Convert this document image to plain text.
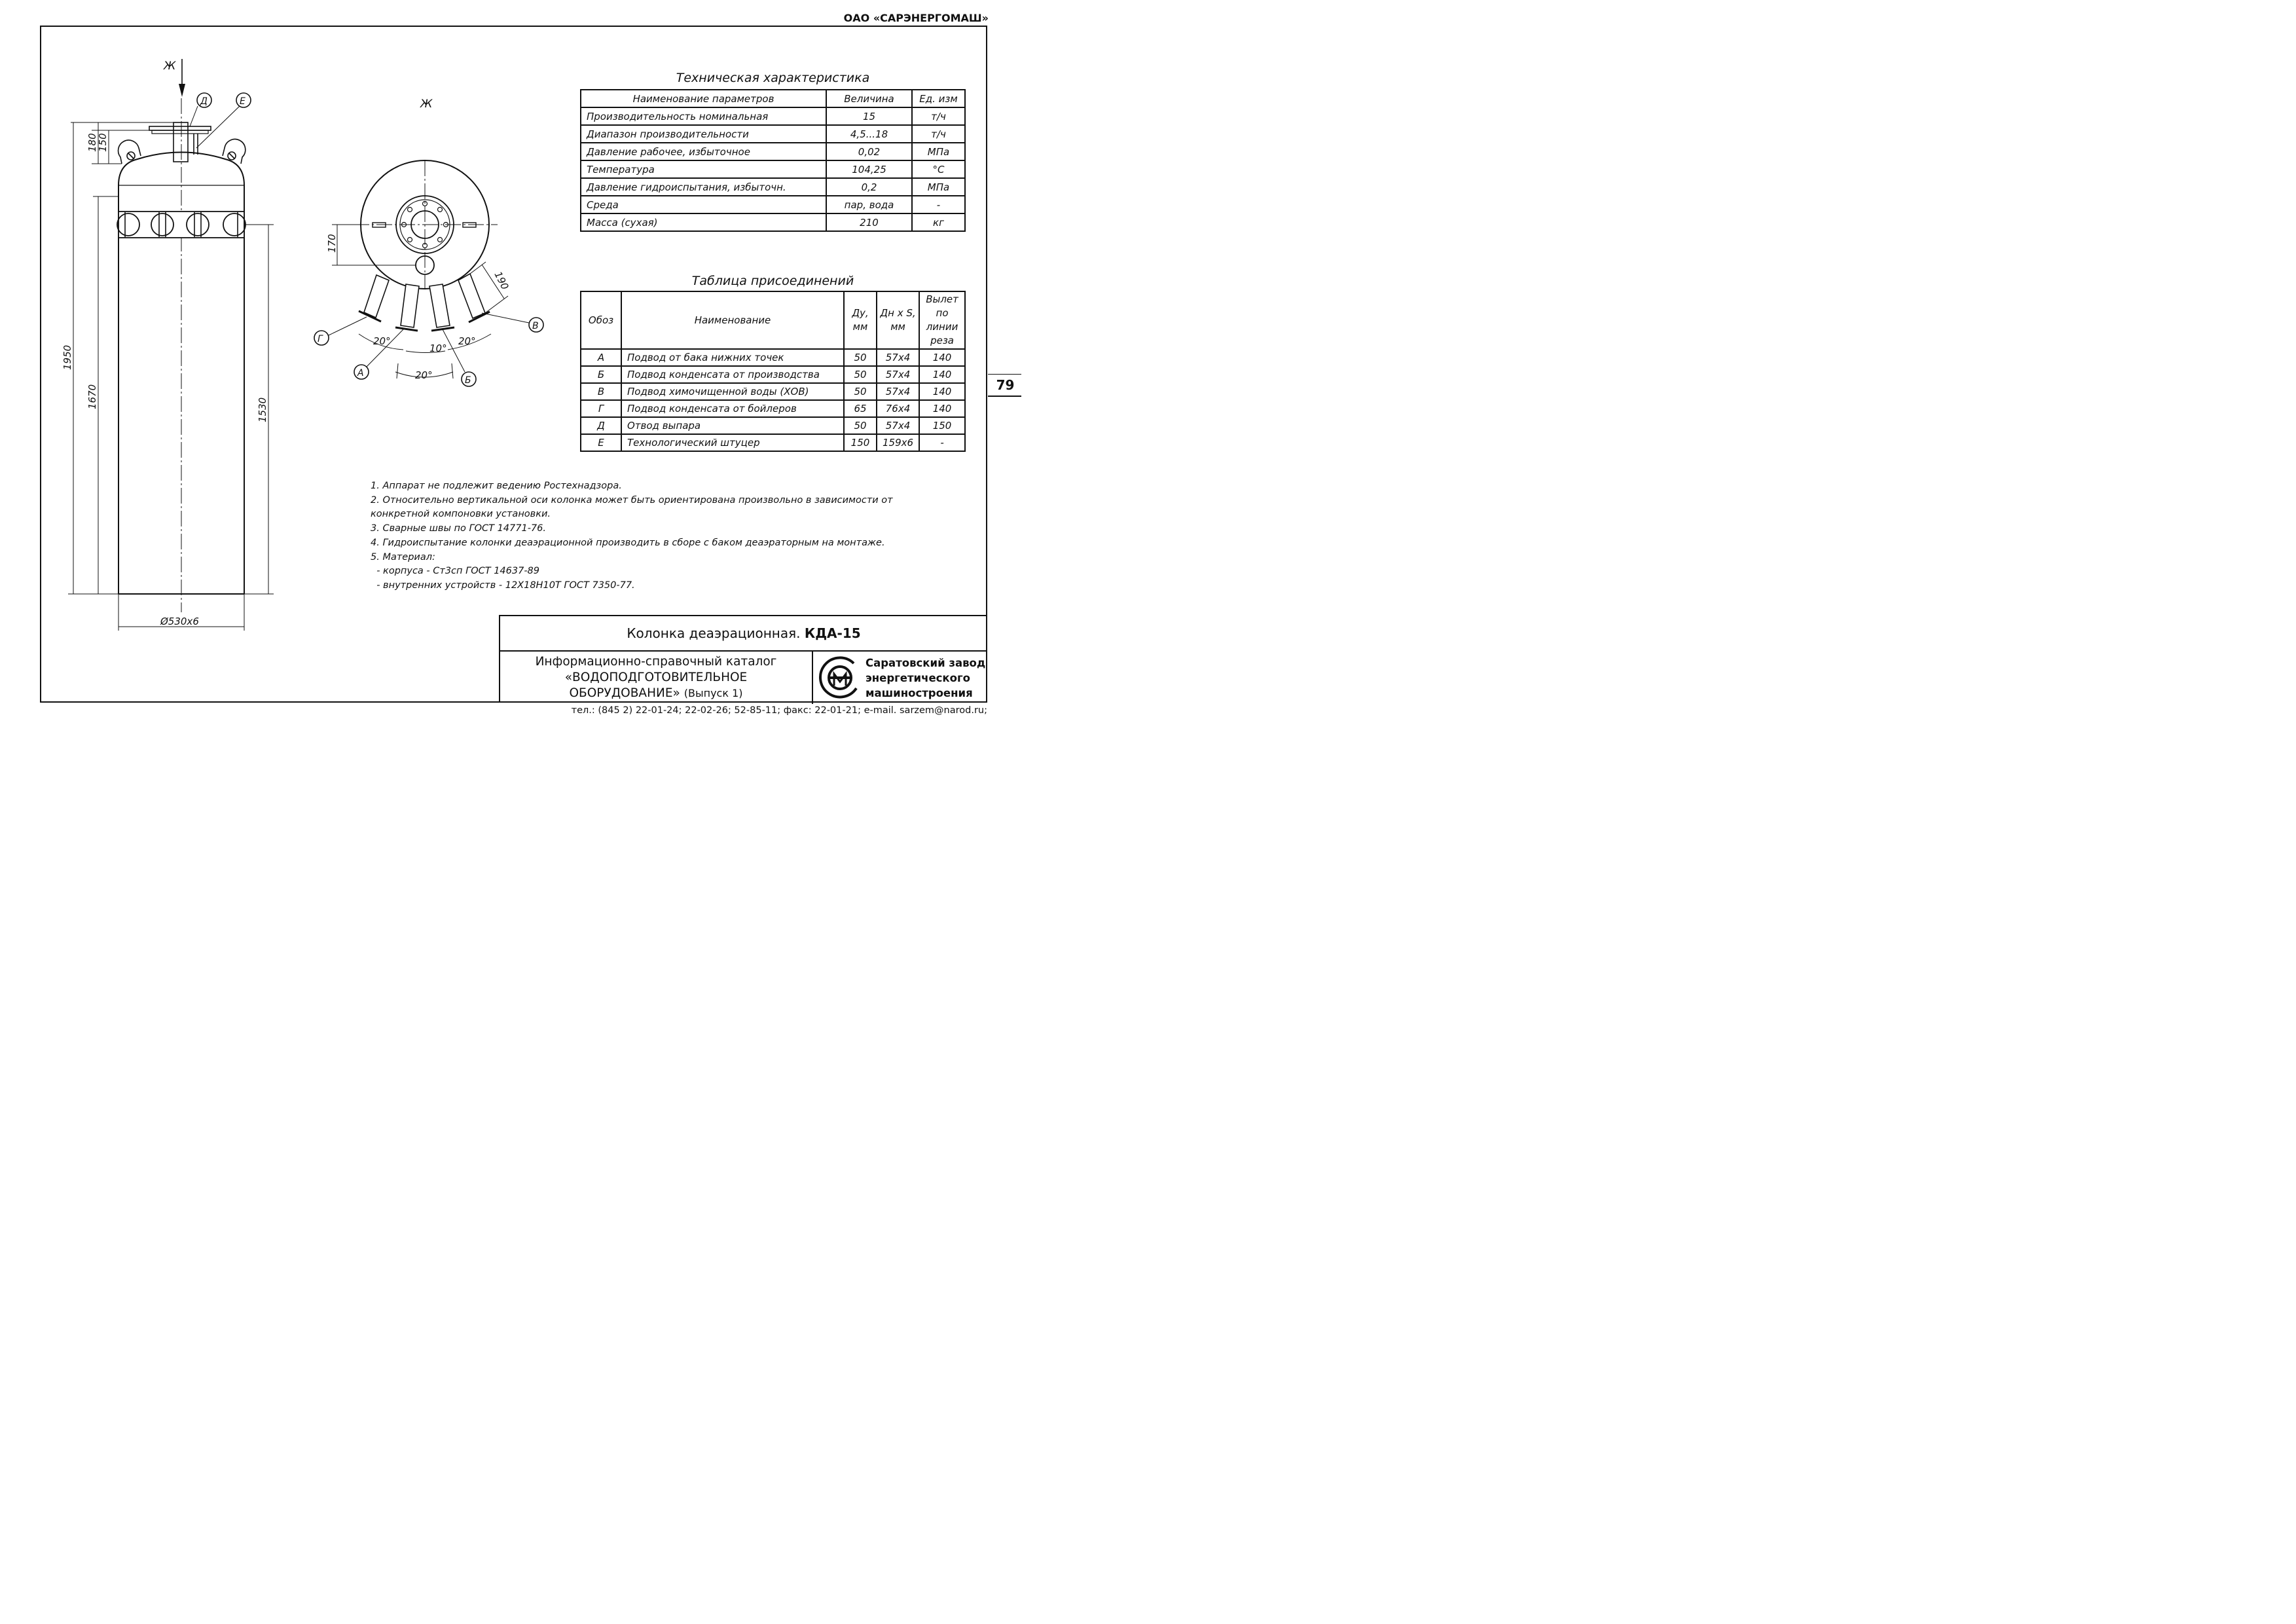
ОАО «САРЭНЕРГОМАШ»
79
Ж
180
150
1950
1670
1530
Ø530x6
Д	Е	Ж
170
190
20°
10°
20°
20°
Г
А
Б
В
Техническая характеристика
Наименование параметров	Величина	Ед. изм
Производительность номинальная	15	т/ч
Диапазон производительности	4,5...18	т/ч
Давление рабочее, избыточное	0,02	МПа
Температура	104,25	°С
Давление гидроиспытания, избыточн.	0,2	МПа
Среда	пар, вода	-
Масса (сухая)	210	кг
Таблица присоединений
Обоз	Наименование	Ду, мм	Дн x S, мм	Вылет по линии реза
А	Подвод от бака нижних точек	50	57x4	140
Б	Подвод конденсата от производства	50	57x4	140
В	Подвод химочищенной воды (ХОВ)	50	57x4	140
Г	Подвод конденсата от бойлеров	65	76x4	140
Д	Отвод выпара	50	57x4	150
Е	Технологический штуцер	150	159x6	-
1. Аппарат не подлежит ведению Ростехнадзора.
2. Относительно вертикальной оси колонка может быть ориентирована произвольно в зависимости от
конкретной компоновки установки.
3. Сварные швы по ГОСТ 14771-76.
4. Гидроиспытание колонки деаэрационной производить в сборе с баком деаэраторным на монтаже.
5. Материал:
- корпуса - Ст3сп ГОСТ 14637-89
- внутренних устройств - 12Х18Н10Т ГОСТ 7350-77.
Колонка деаэрационная. КДА-15
Информационно-справочный каталог
«ВОДОПОДГОТОВИТЕЛЬНОЕ
ОБОРУДОВАНИЕ» (Выпуск 1)
Саратовский завод
энергетического
машиностроения
тел.: (845 2) 22-01-24; 22-02-26; 52-85-11; факс: 22-01-21; e-mail. sarzem@narod.ru;
